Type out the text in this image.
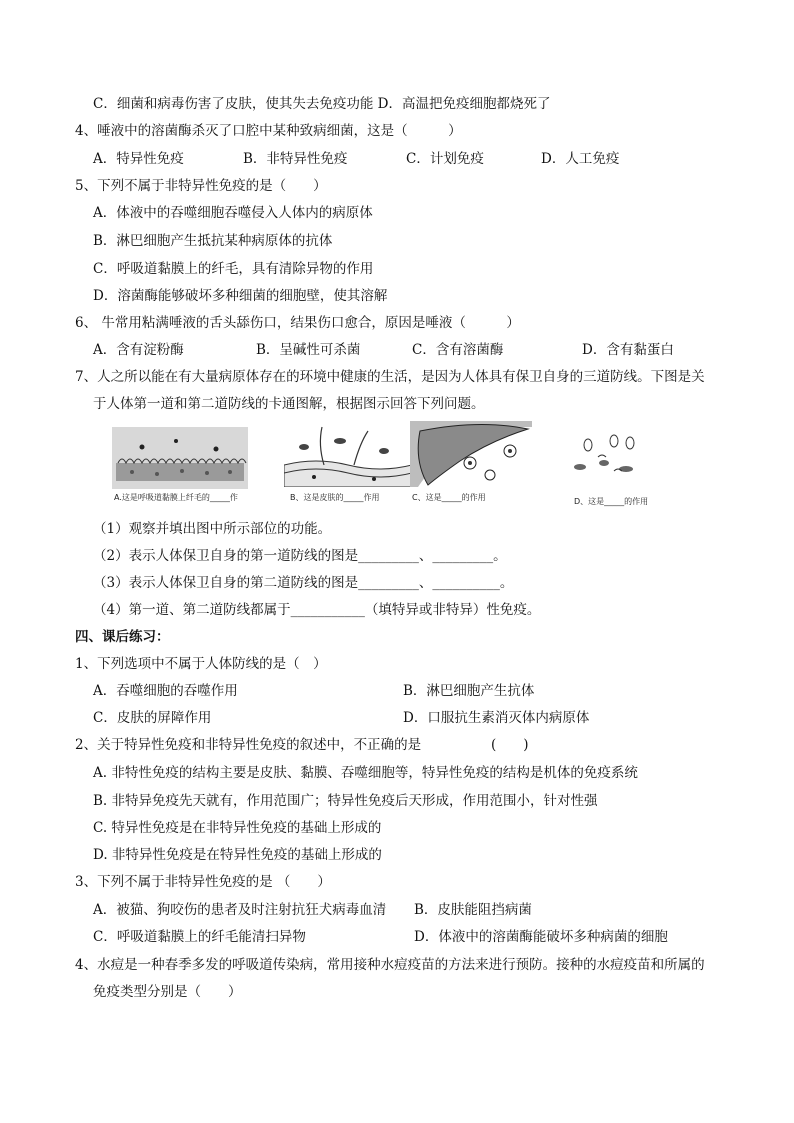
C．细菌和病毒伤害了皮肤，使其失去免疫功能 D．高温把免疫细胞都烧死了
4、唾液中的溶菌酶杀灭了口腔中某种致病细菌，这是（　　　）
A．特异性免疫	B．非特异性免疫	C．计划免疫	D．人工免疫
5、下列不属于非特异性免疫的是（　　）
A．体液中的吞噬细胞吞噬侵入人体内的病原体
B．淋巴细胞产生抵抗某种病原体的抗体
C．呼吸道黏膜上的纤毛，具有清除异物的作用
D．溶菌酶能够破坏多种细菌的细胞壁，使其溶解
6、 牛常用粘满唾液的舌头舔伤口，结果伤口愈合，原因是唾液（　　　）
A．含有淀粉酶	B．呈碱性可杀菌	C．含有溶菌酶	D．含有黏蛋白
7、人之所以能在有大量病原体存在的环境中健康的生活，是因为人体具有保卫自身的三道防线。下图是关
于人体第一道和第二道防线的卡通图解，根据图示回答下列问题。
A.这是呼吸道黏膜上纤毛的_____作	B、这是皮肤的_____作用	C、这是_____的作用	D、这是_____的作用
（1）观察并填出图中所示部位的功能。
（2）表示人体保卫自身的第一道防线的图是_________、_________。
（3）表示人体保卫自身的第二道防线的图是_________、__________。
（4）第一道、第二道防线都属于___________（填特异或非特异）性免疫。
四、课后练习：
1、下列选项中不属于人体防线的是（　）
A．吞噬细胞的吞噬作用	B．淋巴细胞产生抗体
C．皮肤的屏障作用	D．口服抗生素消灭体内病原体
2、关于特异性免疫和非特异性免疫的叙述中，不正确的是	(　　)
A. 非特性免疫的结构主要是皮肤、黏膜、吞噬细胞等，特异性免疫的结构是机体的免疫系统
B. 非特异免疫先天就有，作用范围广；特异性免疫后天形成，作用范围小，针对性强
C. 特异性免疫是在非特异性免疫的基础上形成的
D. 非特异性免疫是在特异性免疫的基础上形成的
3、下列不属于非特异性免疫的是 （　　）
A．被猫、狗咬伤的患者及时注射抗狂犬病毒血清 B．皮肤能阻挡病菌
C．呼吸道黏膜上的纤毛能清扫异物	D．体液中的溶菌酶能破坏多种病菌的细胞
4、水痘是一种春季多发的呼吸道传染病，常用接种水痘疫苗的方法来进行预防。接种的水痘疫苗和所属的
免疫类型分别是（　　）
